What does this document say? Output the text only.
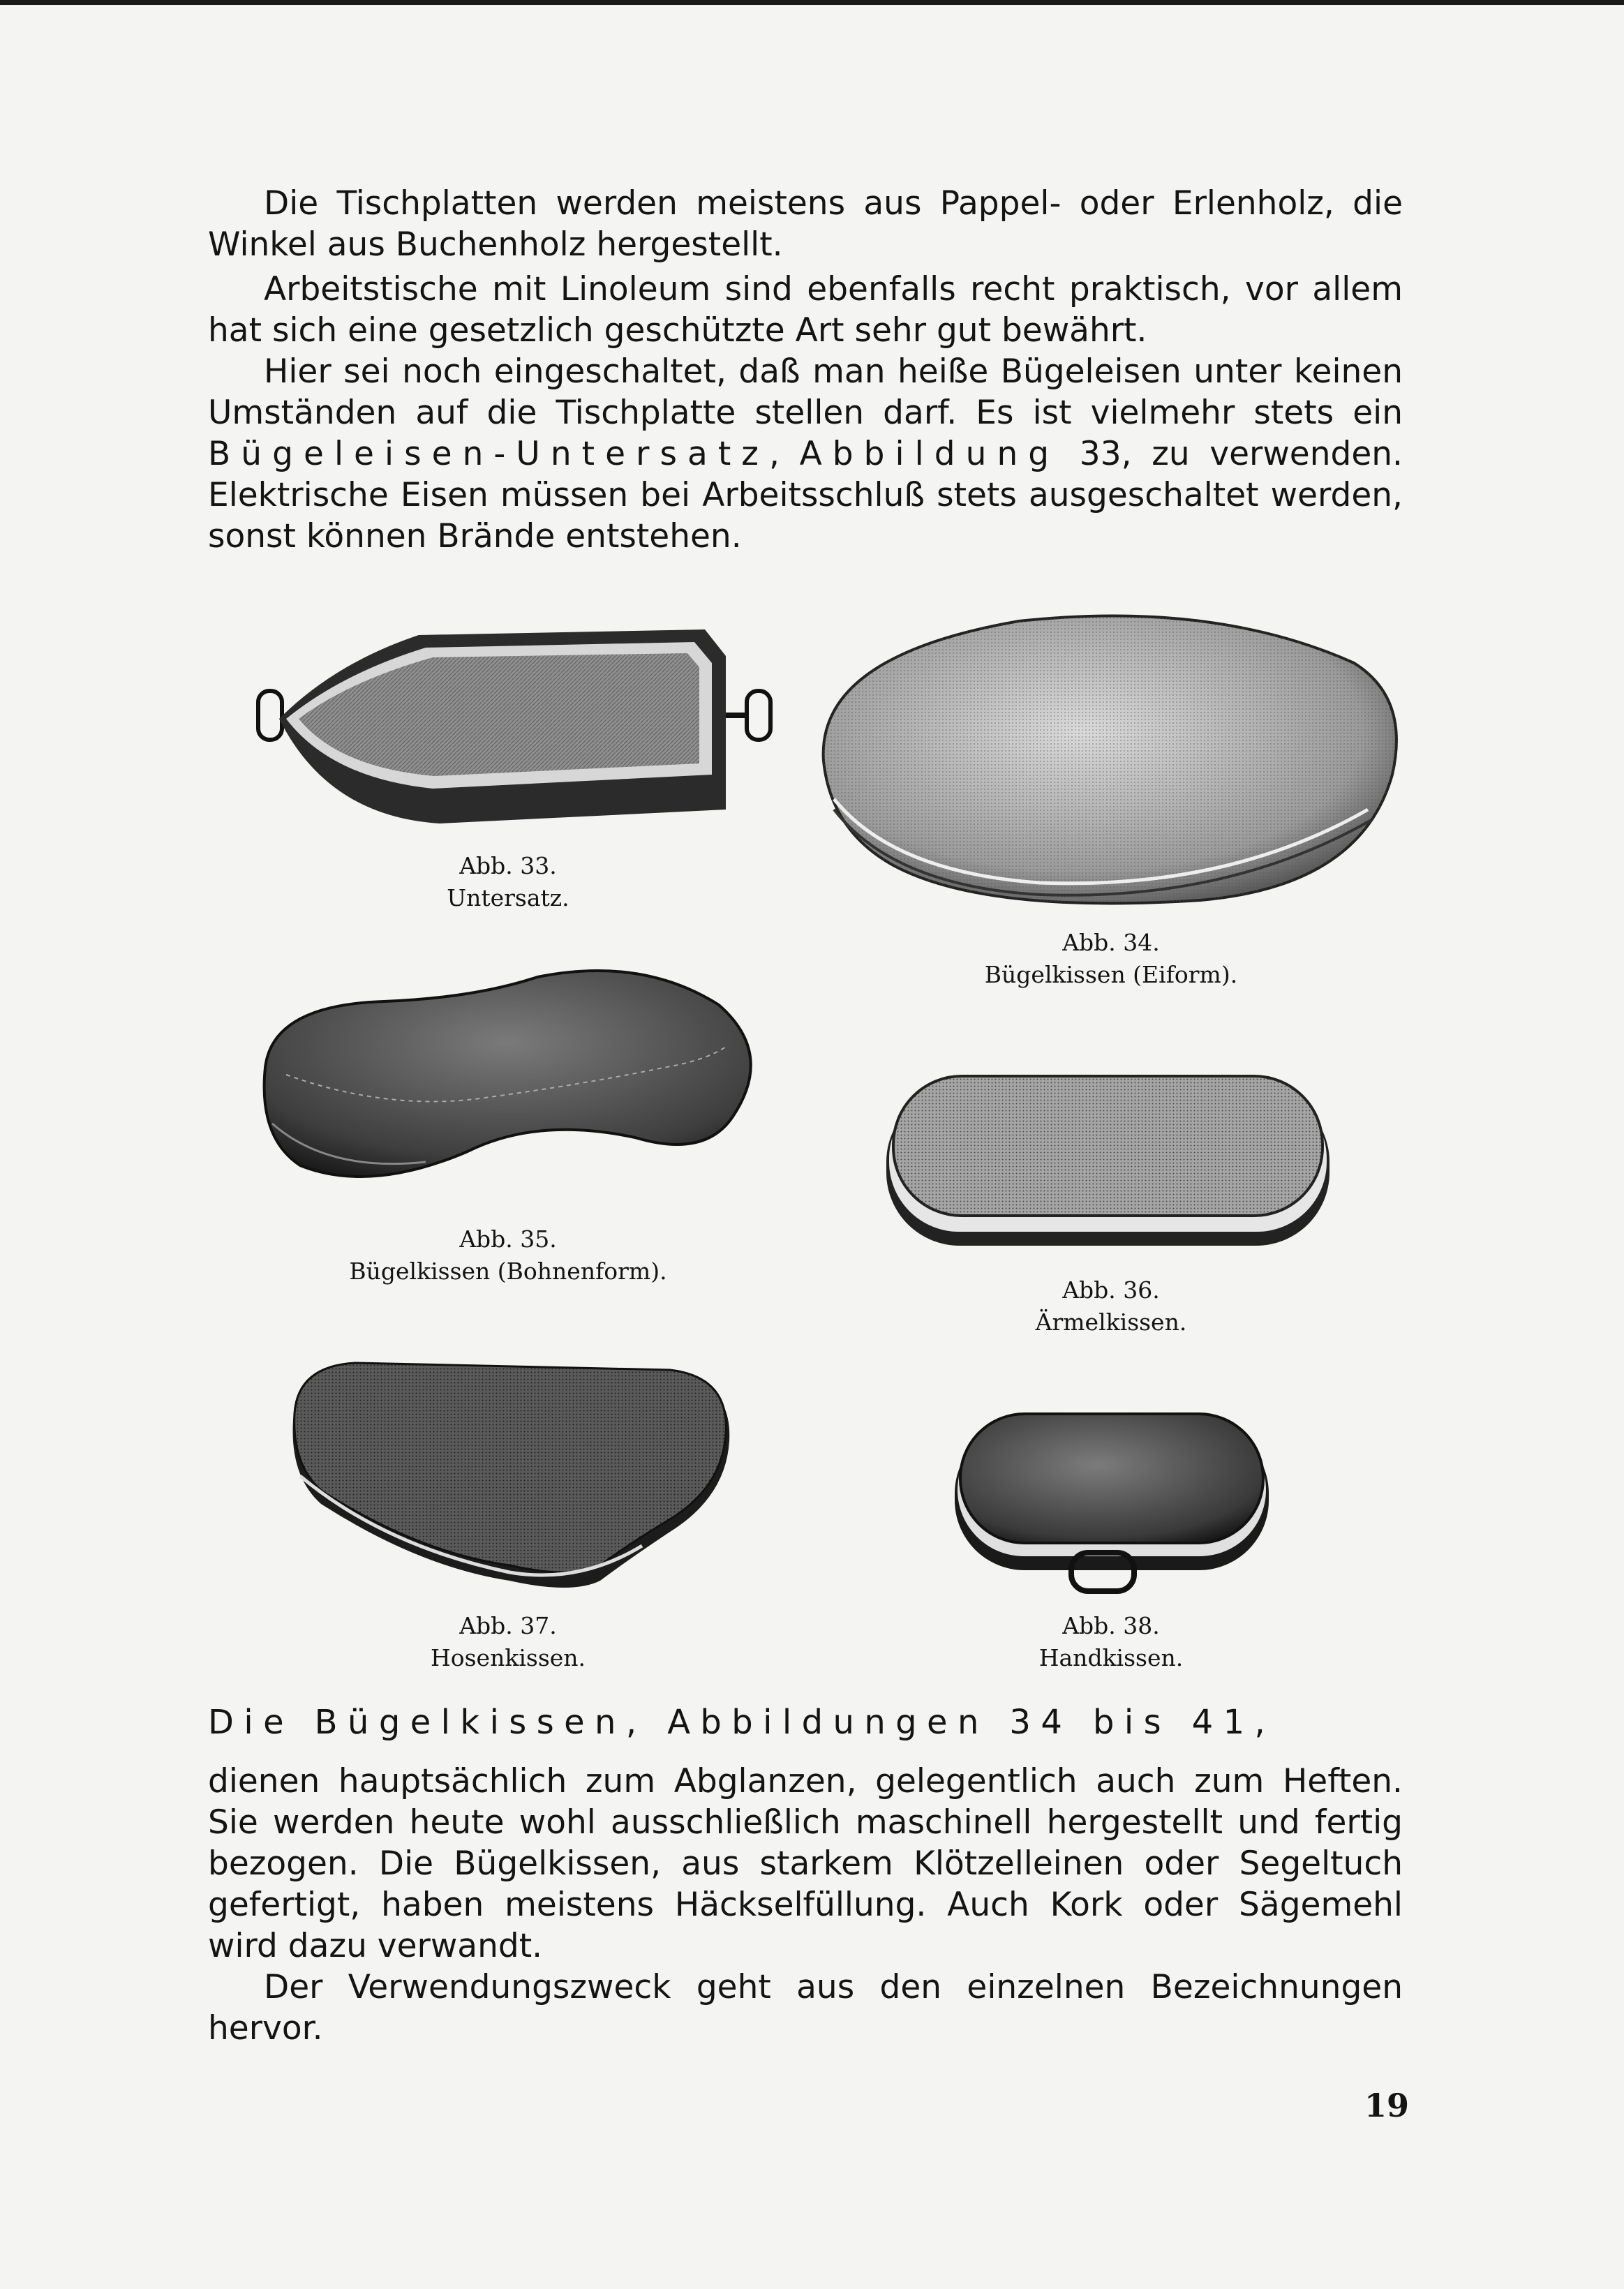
Die Tischplatten werden meistens aus Pappel- oder Erlenholz, die Winkel aus Buchenholz hergestellt.

Arbeitstische mit Linoleum sind ebenfalls recht praktisch, vor allem hat sich eine gesetzlich geschützte Art sehr gut bewährt.

Hier sei noch eingeschaltet, daß man heiße Bügeleisen unter keinen Umständen auf die Tischplatte stellen darf. Es ist vielmehr stets ein Bügeleisen-Untersatz, Abbildung 33, zu verwenden. Elektrische Eisen müssen bei Arbeitsschluß stets ausgeschaltet werden, sonst können Brände entstehen.

Abb. 33.
Untersatz.
Abb. 34.
Bügelkissen (Eiform).
Abb. 35.
Bügelkissen (Bohnenform).
Abb. 36.
Ärmelkissen.
Abb. 37.
Hosenkissen.
Abb. 38.
Handkissen.
Die Bügelkissen, Abbildungen 34 bis 41,

dienen hauptsächlich zum Abglanzen, gelegentlich auch zum Heften. Sie werden heute wohl ausschließlich maschinell hergestellt und fertig bezogen. Die Bügelkissen, aus starkem Klötzelleinen oder Segeltuch gefertigt, haben meistens Häckselfüllung. Auch Kork oder Sägemehl wird dazu verwandt.

Der Verwendungszweck geht aus den einzelnen Bezeichnungen hervor.

19
